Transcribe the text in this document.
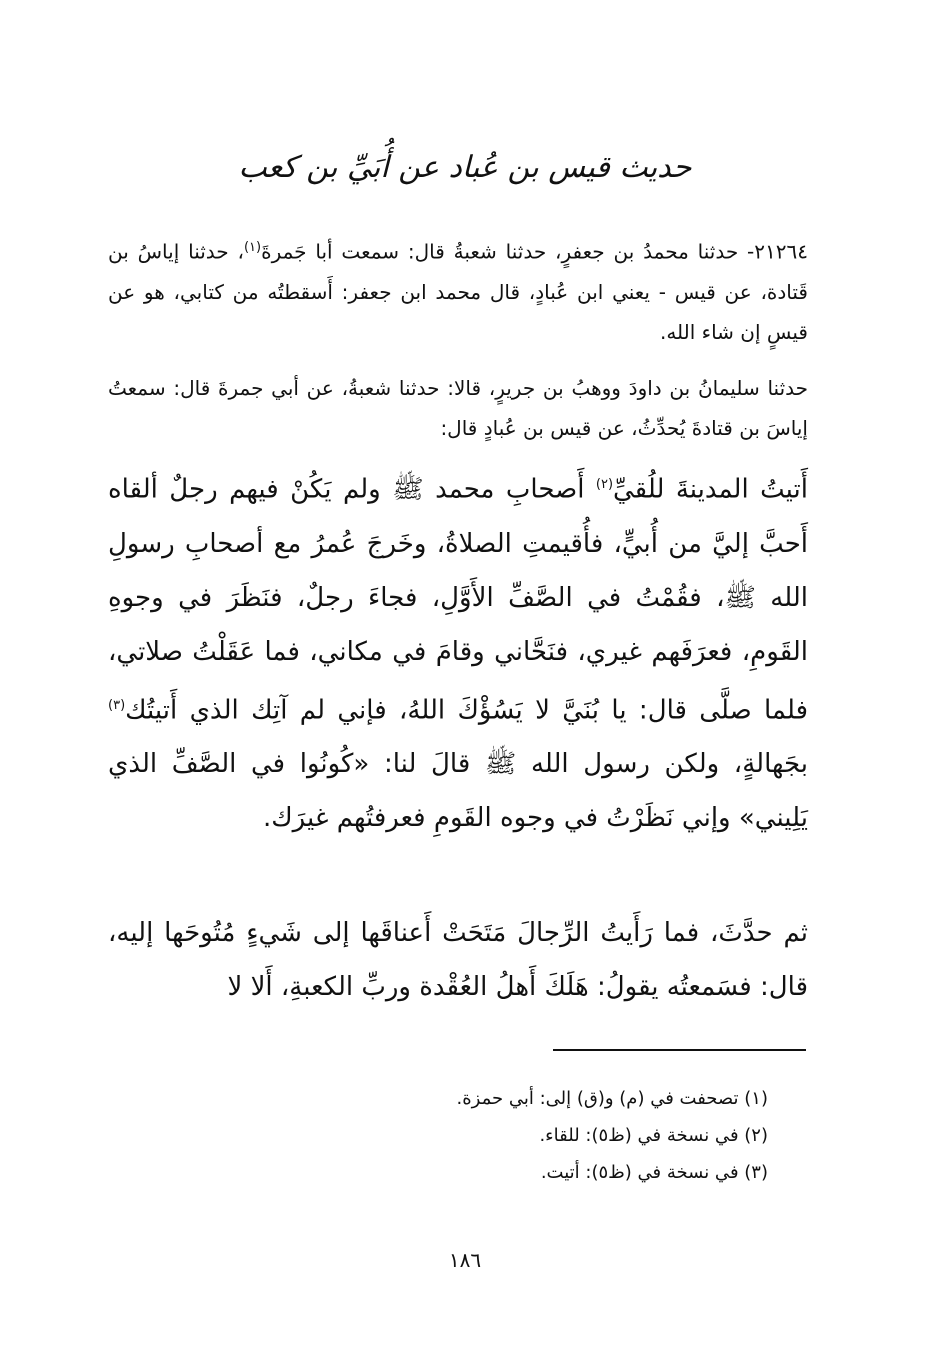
حديث قيس بن عُباد عن أُبَيِّ بن كعب

٢١٢٦٤- حدثنا محمدُ بن جعفرٍ، حدثنا شعبةُ قال: سمعت أبا جَمرةَ$^{(١)}$، حدثنا إياسُ بن قَتادة، عن قيس - يعني ابن عُبادٍ، قال محمد ابن جعفر: أَسقطتُه من كتابي، هو عن قيسٍ إن شاء الله.

حدثنا سليمانُ بن داودَ ووهبُ بن جريرٍ، قالا: حدثنا شعبةُ، عن أبي جمرةَ قال: سمعتُ إياسَ بن قتادةَ يُحدِّثُ، عن قيس بن عُبادٍ قال:

أَتيتُ المدينةَ للُقيِّ$^{(٢)}$ أَصحابِ محمد ﷺ ولم يَكُنْ فيهم رجلٌ ألقاه أَحبَّ إليَّ من أُبيٍّ، فأُقيمتِ الصلاةُ، وخَرجَ عُمرُ مع أصحابِ رسولِ الله ﷺ، فقُمْتُ في الصَّفِّ الأَوَّلِ، فجاءَ رجلٌ، فنَظَرَ في وجوهِ القَومِ، فعرَفَهم غيري، فنَحَّاني وقامَ في مكاني، فما عَقَلْتُ صلاتي، فلما صلَّى قال: يا بُنَيَّ لا يَسُؤْكَ اللهُ، فإني لم آتِك الذي أَتيتُك$^{(٣)}$ بجَهالةٍ، ولكن رسول الله ﷺ قالَ لنا: «كُونُوا في الصَّفِّ الذي يَلِيني» وإني نَظَرْتُ في وجوه القَومِ فعرفتُهم غيرَك.

ثم حدَّثَ، فما رَأَيتُ الرِّجالَ مَتَحَتْ أَعناقَها إلى شَيءٍ مُتُوحَها إليه، قال: فسَمعتُه يقولُ: هَلَكَ أَهلُ العُقْدة وربِّ الكعبةِ، أَلا لا

(١) تصحفت في (م) و(ق) إلى: أبي حمزة.
(٢) في نسخة في (ظ٥): للقاء.
(٣) في نسخة في (ظ٥): أتيت.
١٨٦
